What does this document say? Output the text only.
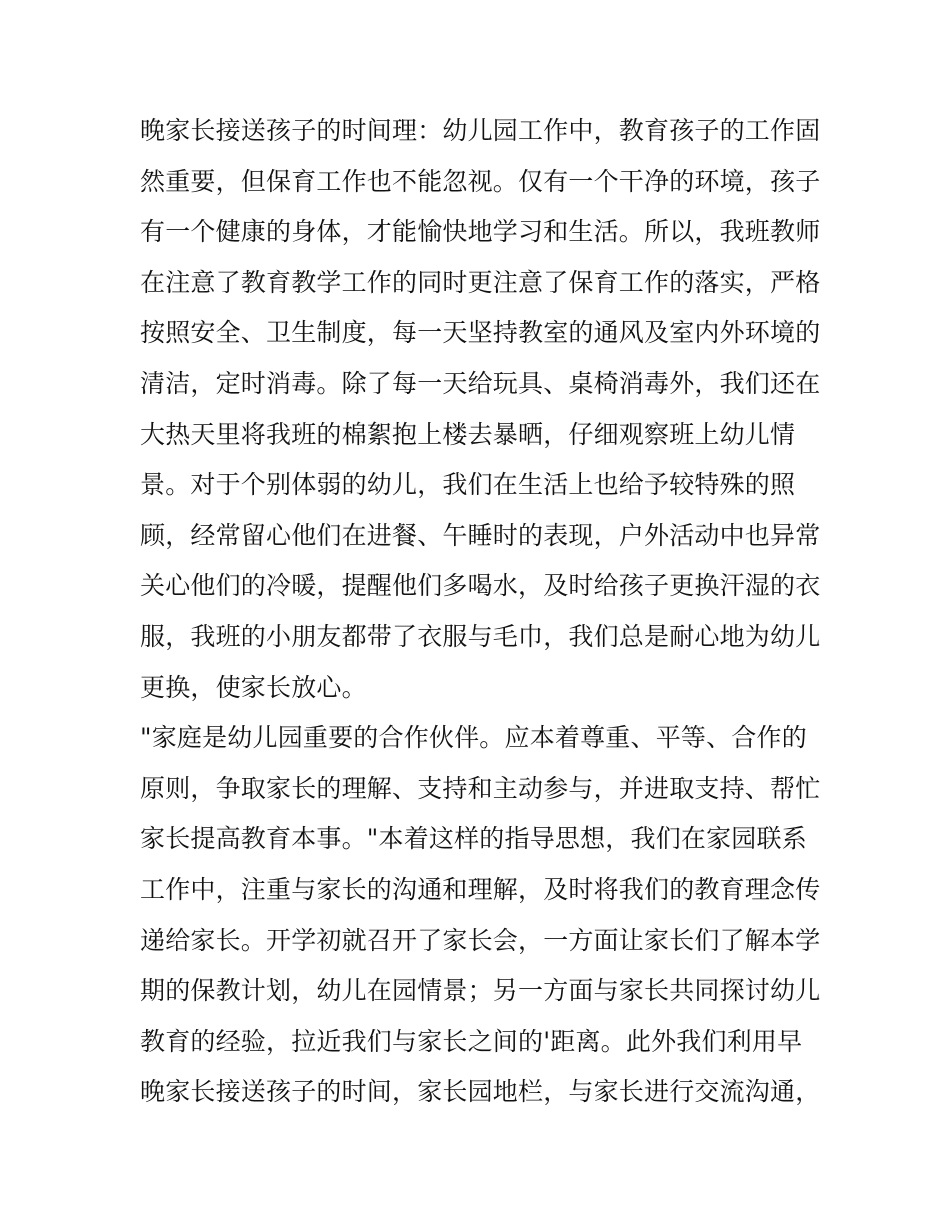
晚家长接送孩子的时间理：幼儿园工作中，教育孩子的工作固
然重要，但保育工作也不能忽视。仅有一个干净的环境，孩子
有一个健康的身体，才能愉快地学习和生活。所以，我班教师
在注意了教育教学工作的同时更注意了保育工作的落实，严格
按照安全、卫生制度，每一天坚持教室的通风及室内外环境的
清洁，定时消毒。除了每一天给玩具、桌椅消毒外，我们还在
大热天里将我班的棉絮抱上楼去暴晒，仔细观察班上幼儿情
景。对于个别体弱的幼儿，我们在生活上也给予较特殊的照
顾，经常留心他们在进餐、午睡时的表现，户外活动中也异常
关心他们的冷暖，提醒他们多喝水，及时给孩子更换汗湿的衣
服，我班的小朋友都带了衣服与毛巾，我们总是耐心地为幼儿
更换，使家长放心。
"家庭是幼儿园重要的合作伙伴。应本着尊重、平等、合作的
原则，争取家长的理解、支持和主动参与，并进取支持、帮忙
家长提高教育本事。"本着这样的指导思想，我们在家园联系
工作中，注重与家长的沟通和理解，及时将我们的教育理念传
递给家长。开学初就召开了家长会，一方面让家长们了解本学
期的保教计划，幼儿在园情景；另一方面与家长共同探讨幼儿
教育的经验，拉近我们与家长之间的'距离。此外我们利用早
晚家长接送孩子的时间，家长园地栏，与家长进行交流沟通，
